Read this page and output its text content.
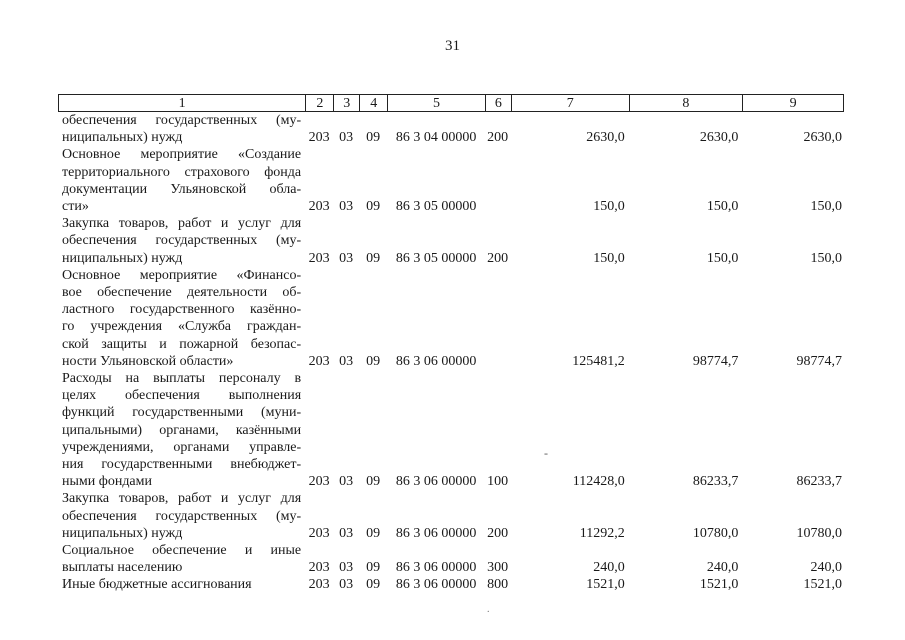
31
1	2	3	4	5	6	7	8	9
обеспечения государственных (му-
ниципальных) нужд	203 03 09	86 3 04 00000 200	2630,0	2630,0	2630,0
Основное мероприятие «Создание
территориального страхового фонда
документации Ульяновской обла-
сти»	203 03 09	86 3 05 00000	150,0	150,0	150,0
Закупка товаров, работ и услуг для
обеспечения государственных (му-
ниципальных) нужд	203 03 09	86 3 05 00000 200	150,0	150,0	150,0
Основное мероприятие «Финансо-
вое обеспечение деятельности об-
ластного государственного казённо-
го учреждения «Служба граждан-
ской защиты и пожарной безопас-
ности Ульяновской области»	203 03 09	86 3 06 00000	125481,2	98774,7	98774,7
Расходы на выплаты персоналу в
целях обеспечения выполнения
функций государственными (муни-
ципальными) органами, казёнными
учреждениями, органами управле-
ния государственными внебюджет-
ными фондами	203 03 09	86 3 06 00000 100	112428,0	86233,7	86233,7
Закупка товаров, работ и услуг для
обеспечения государственных (му-
ниципальных) нужд	203 03 09	86 3 06 00000 200	11292,2	10780,0	10780,0
Социальное обеспечение и иные
выплаты населению	203 03 09	86 3 06 00000 300	240,0	240,0	240,0
Иные бюджетные ассигнования	203 03 09	86 3 06 00000 800	1521,0	1521,0	1521,0
-
.
